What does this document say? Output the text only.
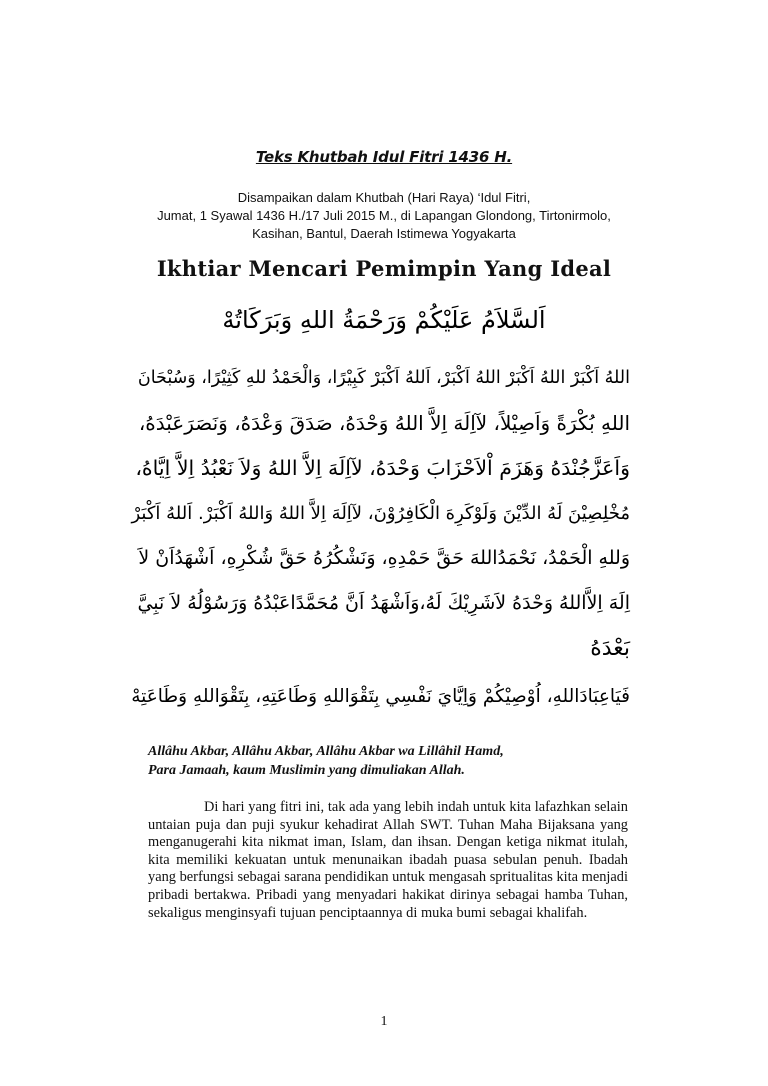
Teks Khutbah Idul Fitri 1436 H.
Disampaikan dalam Khutbah (Hari Raya) ‘Idul Fitri,
Jumat, 1 Syawal 1436 H./17 Juli 2015 M., di Lapangan Glondong, Tirtonirmolo,
Kasihan, Bantul, Daerah Istimewa Yogyakarta
Ikhtiar Mencari Pemimpin Yang Ideal
اَلسَّلاَمُ عَلَيْكُمْ وَرَحْمَةُ اللهِ وَبَرَكَاتُهْ
اللهُ اَكْبَرْ اللهُ اَكْبَرْ اللهُ اَكْبَرْ، اَللهُ اَكْبَرْ كَبِيْرًا، وَالْحَمْدُ للهِ كَثِيْرًا، وَسُبْحَانَ
اللهِ بُكْرَةً وَاَصِيْلاً، لآاِلَهَ اِلاَّ اللهُ وَحْدَهُ، صَدَقَ وَعْدَهُ، وَنَصَرَعَبْدَهُ،
وَاَعَزَّجُنْدَهُ وَهَزَمَ اْلاَحْزَابَ وَحْدَهُ، لآاِلَهَ اِلاَّ اللهُ وَلاَ نَعْبُدُ اِلاَّ اِيَّاهُ،
مُخْلِصِيْنَ لَهُ الدِّيْنَ وَلَوْكَرِهَ الْكَافِرُوْنَ، لآاِلَهَ اِلاَّ اللهُ وَاللهُ اَكْبَرْ. اَللهُ اَكْبَرْ
وَللهِ الْحَمْدُ، نَحْمَدُاللهَ حَقَّ حَمْدِهِ، وَنَشْكُرُهُ حَقَّ شُكْرِهِ، اَشْهَدُاَنْ لاَ
اِلَهَ اِلاَّاللهُ وَحْدَهُ لاَشَرِيْكَ لَهُ،وَاَشْهَدُ اَنَّ مُحَمَّدًاعَبْدُهُ وَرَسُوْلُهُ لاَ نَبِيَّ
بَعْدَهُ
فَيَاعِبَادَاللهِ، اُوْصِيْكُمْ وَاِيَّايَ نَفْسِي بِتَقْوَاللهِ وَطَاعَتِهِ، بِتَقْوَاللهِ وَطَاعَتِهْ
Allâhu Akbar, Allâhu Akbar, Allâhu Akbar wa Lillâhil Hamd,
Para Jamaah, kaum Muslimin yang dimuliakan Allah.

Di hari yang fitri ini, tak ada yang lebih indah untuk kita lafazhkan selain untaian puja dan puji syukur kehadirat Allah SWT. Tuhan Maha Bijaksana yang menganugerahi kita nikmat iman, Islam, dan ihsan. Dengan ketiga nikmat itulah, kita memiliki kekuatan untuk menunaikan ibadah puasa sebulan penuh. Ibadah yang berfungsi sebagai sarana pendidikan untuk mengasah spritualitas kita menjadi pribadi bertakwa. Pribadi yang menyadari hakikat dirinya sebagai hamba Tuhan, sekaligus menginsyafi tujuan penciptaannya di muka bumi sebagai khalifah.

1
